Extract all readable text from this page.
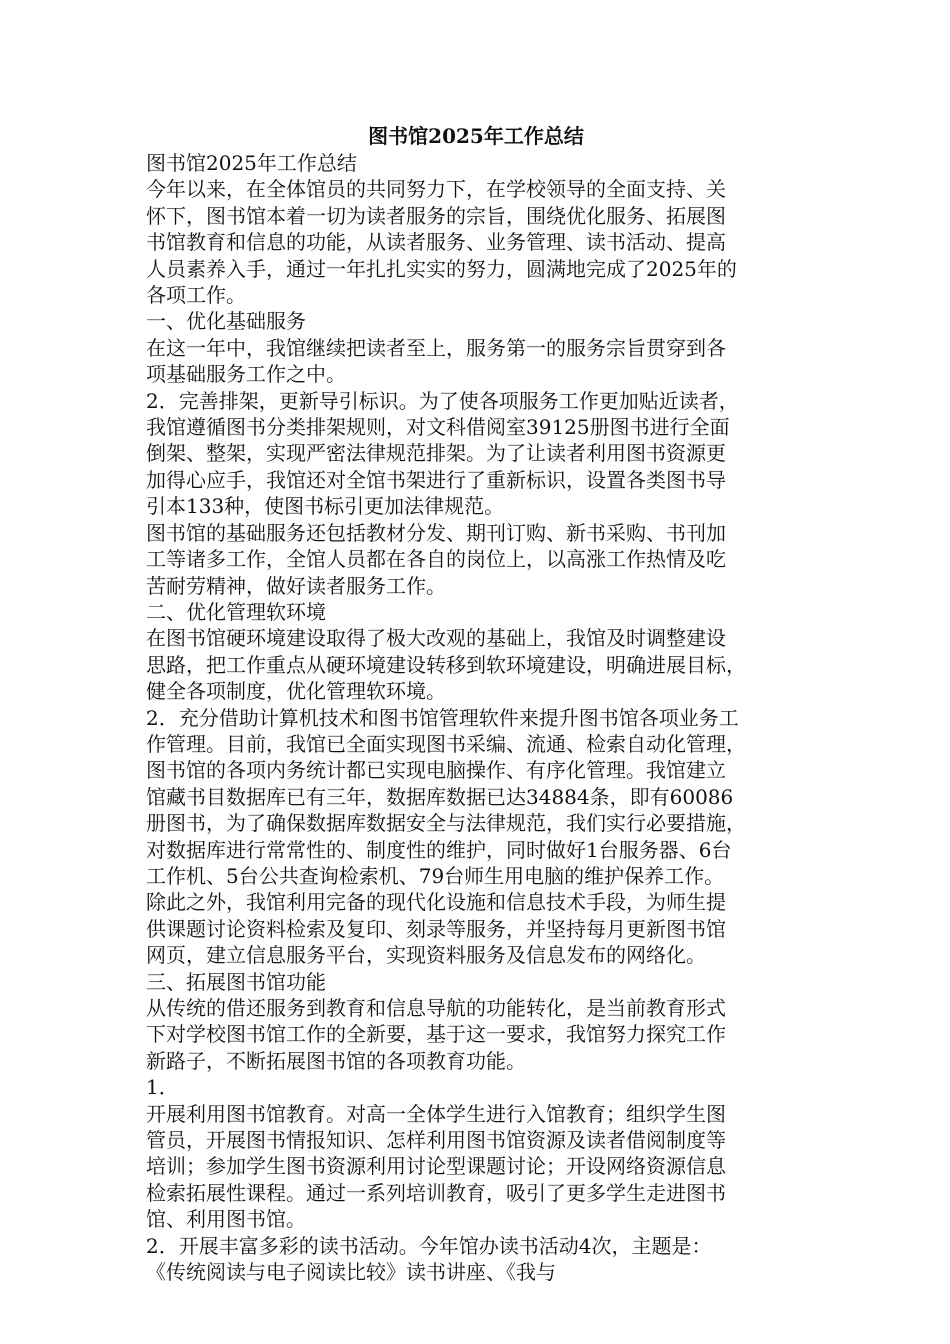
图书馆2025年工作总结
图书馆2025年工作总结
今年以来，在全体馆员的共同努力下，在学校领导的全面支持、关
怀下，图书馆本着一切为读者服务的宗旨，围绕优化服务、拓展图
书馆教育和信息的功能，从读者服务、业务管理、读书活动、提高
人员素养入手，通过一年扎扎实实的努力，圆满地完成了2025年的
各项工作。
一、优化基础服务
在这一年中，我馆继续把读者至上，服务第一的服务宗旨贯穿到各
项基础服务工作之中。
2．完善排架，更新导引标识。为了使各项服务工作更加贴近读者，
我馆遵循图书分类排架规则，对文科借阅室39125册图书进行全面
倒架、整架，实现严密法律规范排架。为了让读者利用图书资源更
加得心应手，我馆还对全馆书架进行了重新标识，设置各类图书导
引本133种，使图书标引更加法律规范。
图书馆的基础服务还包括教材分发、期刊订购、新书采购、书刊加
工等诸多工作，全馆人员都在各自的岗位上，以高涨工作热情及吃
苦耐劳精神，做好读者服务工作。
二、优化管理软环境
在图书馆硬环境建设取得了极大改观的基础上，我馆及时调整建设
思路，把工作重点从硬环境建设转移到软环境建设，明确进展目标，
健全各项制度，优化管理软环境。
2．充分借助计算机技术和图书馆管理软件来提升图书馆各项业务工
作管理。目前，我馆已全面实现图书采编、流通、检索自动化管理，
图书馆的各项内务统计都已实现电脑操作、有序化管理。我馆建立
馆藏书目数据库已有三年，数据库数据已达34884条，即有60086
册图书，为了确保数据库数据安全与法律规范，我们实行必要措施，
对数据库进行常常性的、制度性的维护，同时做好1台服务器、6台
工作机、5台公共查询检索机、79台师生用电脑的维护保养工作。
除此之外，我馆利用完备的现代化设施和信息技术手段，为师生提
供课题讨论资料检索及复印、刻录等服务，并坚持每月更新图书馆
网页，建立信息服务平台，实现资料服务及信息发布的网络化。
三、拓展图书馆功能
从传统的借还服务到教育和信息导航的功能转化，是当前教育形式
下对学校图书馆工作的全新要，基于这一要求，我馆努力探究工作
新路子，不断拓展图书馆的各项教育功能。
1．
开展利用图书馆教育。对高一全体学生进行入馆教育；组织学生图
管员，开展图书情报知识、怎样利用图书馆资源及读者借阅制度等
培训；参加学生图书资源利用讨论型课题讨论；开设网络资源信息
检索拓展性课程。通过一系列培训教育，吸引了更多学生走进图书
馆、利用图书馆。
2．开展丰富多彩的读书活动。今年馆办读书活动4次，主题是：
《传统阅读与电子阅读比较》读书讲座、《我与
